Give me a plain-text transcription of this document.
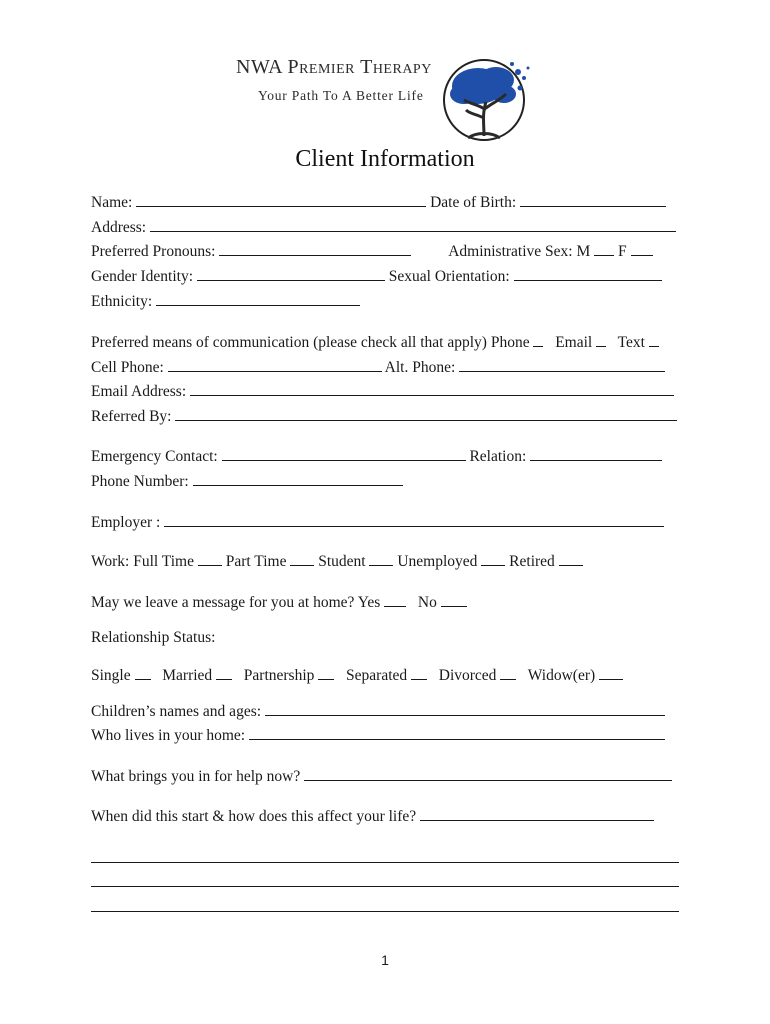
NWA Premier Therapy
Your Path To A Better Life
Client Information
Name:	Date of Birth:
Address:
Preferred Pronouns:	Administrative Sex: M F
Gender Identity:	Sexual Orientation:
Ethnicity:
Preferred means of communication (please check all that apply) Phone Email Text
Cell Phone:	Alt. Phone:
Email Address:
Referred By:
Emergency Contact:	Relation:
Phone Number:
Employer :
Work: Full Time Part Time Student Unemployed Retired
May we leave a message for you at home? Yes No
Relationship Status:
Single Married Partnership Separated Divorced Widow(er)
Children’s names and ages:
Who lives in your home:
What brings you in for help now?
When did this start & how does this affect your life?
1
